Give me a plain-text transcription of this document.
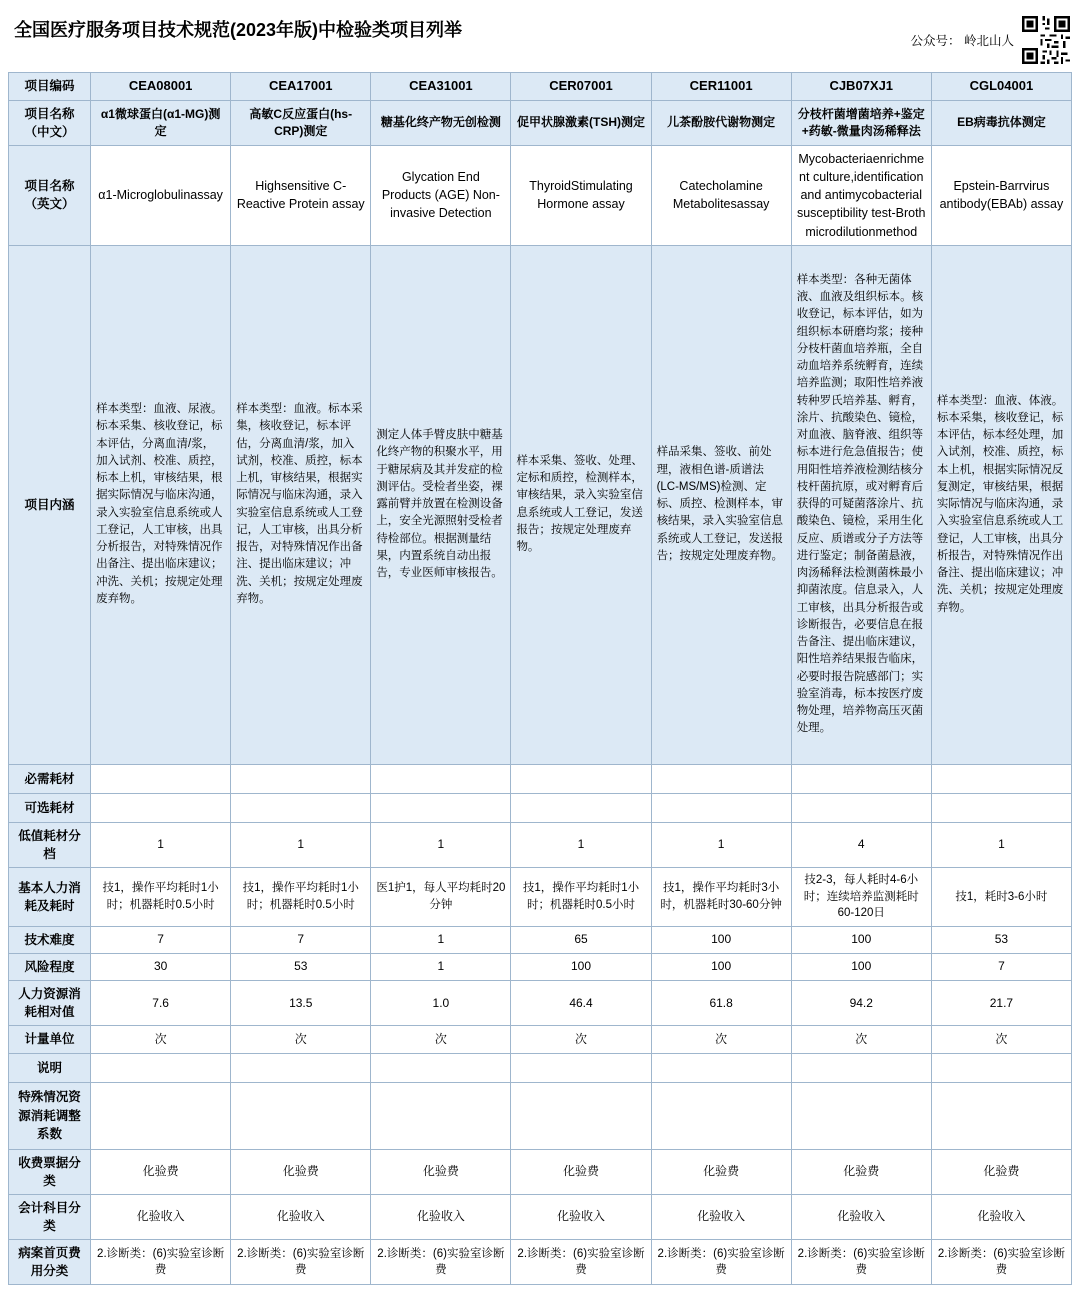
全国医疗服务项目技术规范(2023年版)中检验类项目列举
公众号： 岭北山人
项目编码	CEA08001	CEA17001	CEA31001	CER07001	CER11001	CJB07XJ1	CGL04001
项目名称（中文）	α1微球蛋白(α1-MG)测定	高敏C反应蛋白(hs-CRP)测定	糖基化终产物无创检测	促甲状腺激素(TSH)测定	儿茶酚胺代谢物测定	分枝杆菌增菌培养+鉴定+药敏-微量肉汤稀释法	EB病毒抗体测定
项目名称（英文）	α1-Microglobulinassay	Highsensitive C-Reactive Protein assay	Glycation End Products (AGE) Non-invasive Detection	ThyroidStimulating Hormone assay	Catecholamine Metabolitesassay	Mycobacteriaenrichment culture,identification and antimycobacterial susceptibility test-Broth microdilutionmethod	Epstein-Barrvirus antibody(EBAb) assay
项目内涵	样本类型：血液、尿液。标本采集、核收登记，标本评估，分离血清/浆，加入试剂、校准、质控，标本上机，审核结果，根据实际情况与临床沟通，录入实验室信息系统或人工登记，人工审核，出具分析报告，对特殊情况作出备注、提出临床建议；冲洗、关机；按规定处理废弃物。	样本类型：血液。标本采集，核收登记，标本评估，分离血清/浆，加入试剂，校准、质控，标本上机，审核结果，根据实际情况与临床沟通，录入实验室信息系统或人工登记，人工审核，出具分析报告，对特殊情况作出备注、提出临床建议；冲洗、关机；按规定处理废弃物。	测定人体手臂皮肤中糖基化终产物的积聚水平，用于糖尿病及其并发症的检测评估。受检者坐姿，裸露前臂并放置在检测设备上，安全光源照射受检者待检部位。根据测量结果，内置系统自动出报告，专业医师审核报告。	样本采集、签收、处理、定标和质控，检测样本，审核结果，录入实验室信息系统或人工登记，发送报告；按规定处理废弃物。	样品采集、签收、前处理，液相色谱-质谱法(LC-MS/MS)检测、定标、质控、检测样本，审核结果，录入实验室信息系统或人工登记，发送报告；按规定处理废弃物。	样本类型：各种无菌体液、血液及组织标本。核收登记，标本评估，如为组织标本研磨均浆；接种分枝杆菌血培养瓶，全自动血培养系统孵育，连续培养监测；取阳性培养液转种罗氏培养基、孵育，涂片、抗酸染色、镜检，对血液、脑脊液、组织等标本进行危急值报告；使用阳性培养液检测结核分枝杆菌抗原，或对孵育后获得的可疑菌落涂片、抗酸染色、镜检，采用生化反应、质谱或分子方法等进行鉴定；制备菌悬液，肉汤稀释法检测菌株最小抑菌浓度。信息录入，人工审核，出具分析报告或诊断报告，必要信息在报告备注、提出临床建议，阳性培养结果报告临床，必要时报告院感部门；实验室消毒，标本按医疗废物处理，培养物高压灭菌处理。	样本类型：血液、体液。标本采集，核收登记，标本评估，标本经处理，加入试剂，校准、质控，标本上机，根据实际情况反复测定，审核结果，根据实际情况与临床沟通，录入实验室信息系统或人工登记，人工审核，出具分析报告，对特殊情况作出备注、提出临床建议；冲洗、关机；按规定处理废弃物。
必需耗材							
可选耗材							
低值耗材分档	1	1	1	1	1	4	1
基本人力消耗及耗时	技1，操作平均耗时1小时；机器耗时0.5小时	技1，操作平均耗时1小时；机器耗时0.5小时	医1护1，每人平均耗时20分钟	技1，操作平均耗时1小时；机器耗时0.5小时	技1，操作平均耗时3小时，机器耗时30-60分钟	技2-3，每人耗时4-6小时；连续培养监测耗时60-120日	技1，耗时3-6小时
技术难度	7	7	1	65	100	100	53
风险程度	30	53	1	100	100	100	7
人力资源消耗相对值	7.6	13.5	1.0	46.4	61.8	94.2	21.7
计量单位	次	次	次	次	次	次	次
说明							
特殊情况资源消耗调整系数							
收费票据分类	化验费	化验费	化验费	化验费	化验费	化验费	化验费
会计科目分类	化验收入	化验收入	化验收入	化验收入	化验收入	化验收入	化验收入
病案首页费用分类	2.诊断类：(6)实验室诊断费	2.诊断类：(6)实验室诊断费	2.诊断类：(6)实验室诊断费	2.诊断类：(6)实验室诊断费	2.诊断类：(6)实验室诊断费	2.诊断类：(6)实验室诊断费	2.诊断类：(6)实验室诊断费
